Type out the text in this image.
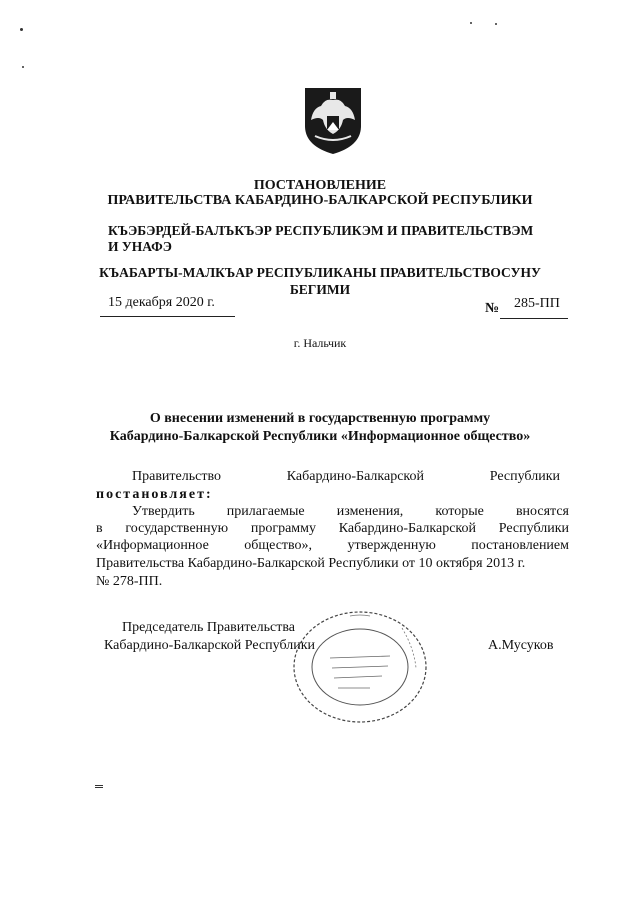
ПОСТАНОВЛЕНИЕ
ПРАВИТЕЛЬСТВА КАБАРДИНО-БАЛКАРСКОЙ РЕСПУБЛИКИ
КЪЭБЭРДЕЙ-БАЛЪКЪЭР РЕСПУБЛИКЭМ И ПРАВИТЕЛЬСТВЭМ И УНАФЭ
КЪАБАРТЫ-МАЛКЪАР РЕСПУБЛИКАНЫ ПРАВИТЕЛЬСТВОСУНУ
БЕГИМИ
15 декабря 2020 г.	№ 285-ПП
г. Нальчик
О внесении изменений в государственную программу
Кабардино-Балкарской Республики «Информационное общество»
Правительство	Кабардино-Балкарской	Республики
постановляет:
Утвердить    прилагаемые    изменения,    которые    вносятся
в  государственную  программу  Кабардино-Балкарской  Республики
«Информационное   общество»,   утвержденную   постановлением
Правительства Кабардино-Балкарской Республики от 10 октября 2013 г.
№ 278-ПП.
Председатель Правительства
Кабардино-Балкарской Республики	А.Мусуков
